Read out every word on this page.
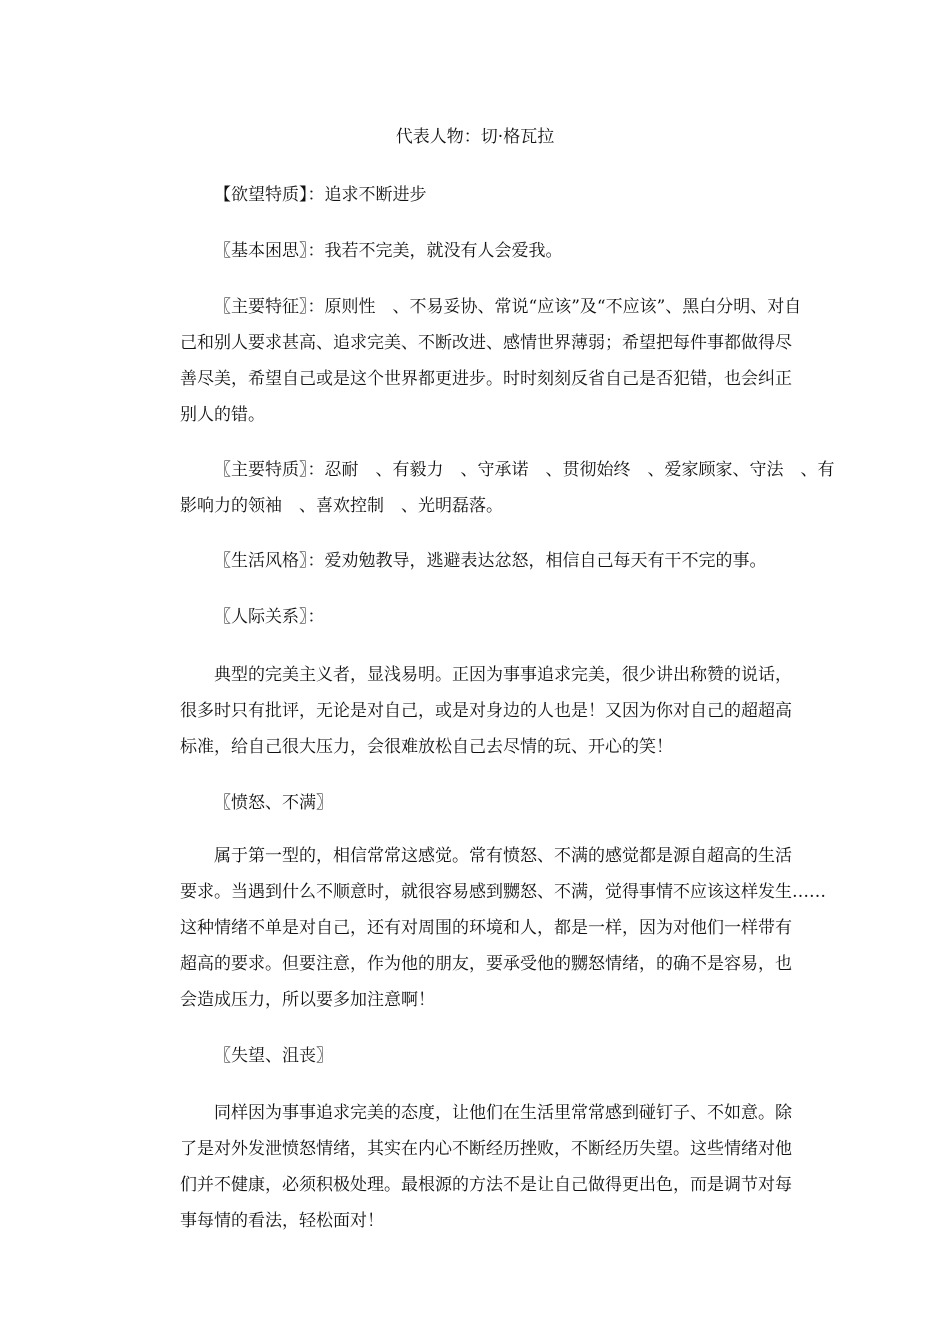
代表人物：切·格瓦拉
【欲望特质】：追求不断进步
〖基本困思〗：我若不完美，就没有人会爱我。
〖主要特征〗：原则性　、不易妥协、常说“应该”及“不应该”、黑白分明、对自
己和别人要求甚高、追求完美、不断改进、感情世界薄弱；希望把每件事都做得尽
善尽美，希望自己或是这个世界都更进步。时时刻刻反省自己是否犯错，也会纠正
别人的错。
〖主要特质〗：忍耐　、有毅力　、守承诺　、贯彻始终　、爱家顾家、守法　、有
影响力的领袖　、喜欢控制　、光明磊落。
〖生活风格〗：爱劝勉教导，逃避表达忿怒，相信自己每天有干不完的事。
〖人际关系〗：
典型的完美主义者，显浅易明。正因为事事追求完美，很少讲出称赞的说话，
很多时只有批评，无论是对自己，或是对身边的人也是！又因为你对自己的超超高
标准，给自己很大压力，会很难放松自己去尽情的玩、开心的笑！
〖愤怒、不满〗
属于第一型的，相信常常这感觉。常有愤怒、不满的感觉都是源自超高的生活
要求。当遇到什么不顺意时，就很容易感到嬲怒、不满，觉得事情不应该这样发生……
这种情绪不单是对自己，还有对周围的环境和人，都是一样，因为对他们一样带有
超高的要求。但要注意，作为他的朋友，要承受他的嬲怒情绪，的确不是容易，也
会造成压力，所以要多加注意啊！
〖失望、沮丧〗
同样因为事事追求完美的态度，让他们在生活里常常感到碰钉子、不如意。除
了是对外发泄愤怒情绪，其实在内心不断经历挫败，不断经历失望。这些情绪对他
们并不健康，必须积极处理。最根源的方法不是让自己做得更出色，而是调节对每
事每情的看法，轻松面对！
